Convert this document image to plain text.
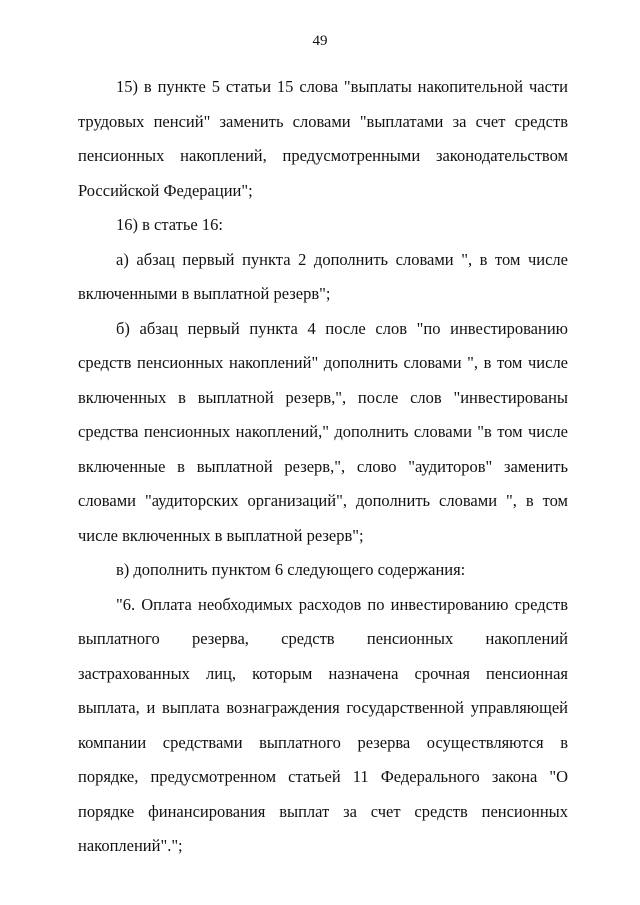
49

15) в пункте 5 статьи 15 слова "выплаты накопительной части трудовых пенсий" заменить словами "выплатами за счет средств пенсионных накоплений, предусмотренными законодательством Российской Федерации";

16) в статье 16:

а) абзац первый пункта 2 дополнить словами ", в том числе включенными в выплатной резерв";

б) абзац первый пункта 4 после слов "по инвестированию средств пенсионных накоплений" дополнить словами ", в том числе включенных в выплатной резерв,", после слов "инвестированы средства пенсионных накоплений," дополнить словами "в том числе включенные в выплатной резерв,", слово "аудиторов" заменить словами "аудиторских организаций", дополнить словами ", в том числе включенных в выплатной резерв";

в) дополнить пунктом 6 следующего содержания:

"6. Оплата необходимых расходов по инвестированию средств выплатного резерва, средств пенсионных накоплений застрахованных лиц, которым назначена срочная пенсионная выплата, и выплата вознаграждения государственной управляющей компании средствами выплатного резерва осуществляются в порядке, предусмотренном статьей 11 Федерального закона "О порядке финансирования выплат за счет средств пенсионных накоплений".";
